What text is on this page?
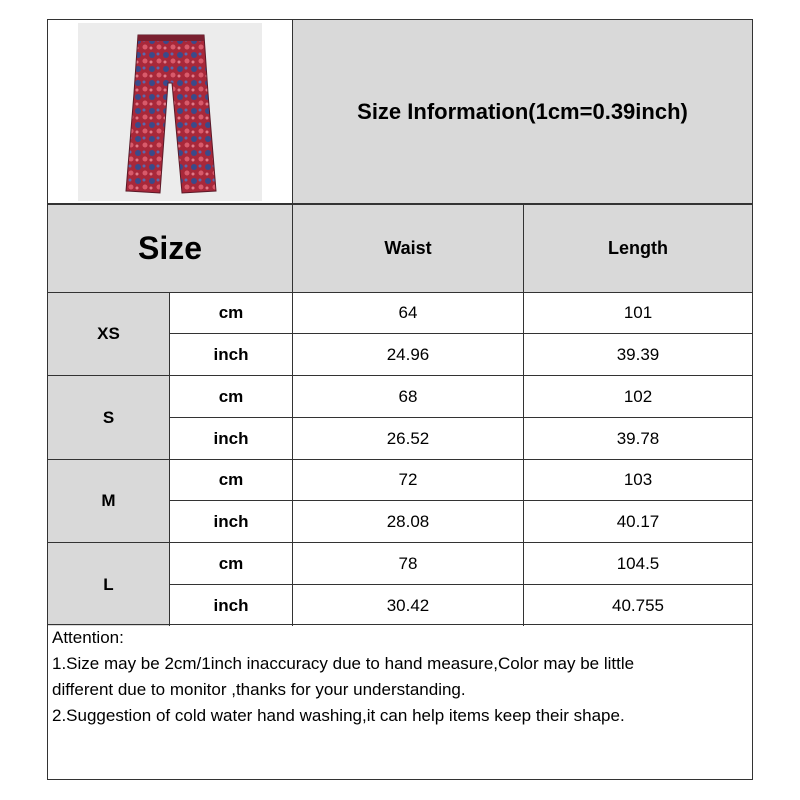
Size Information(1cm=0.39inch)
Size	Waist	Length
XS
cm	64	101
inch	24.96	39.39
S
cm	68	102
inch	26.52	39.78
M
cm	72	103
inch	28.08	40.17
L
cm	78	104.5
inch	30.42	40.755
Attention:
1.Size may be 2cm/1inch inaccuracy due to hand measure,Color may be little
different due to monitor ,thanks for your understanding.
2.Suggestion of cold water hand washing,it can help items keep their shape.
